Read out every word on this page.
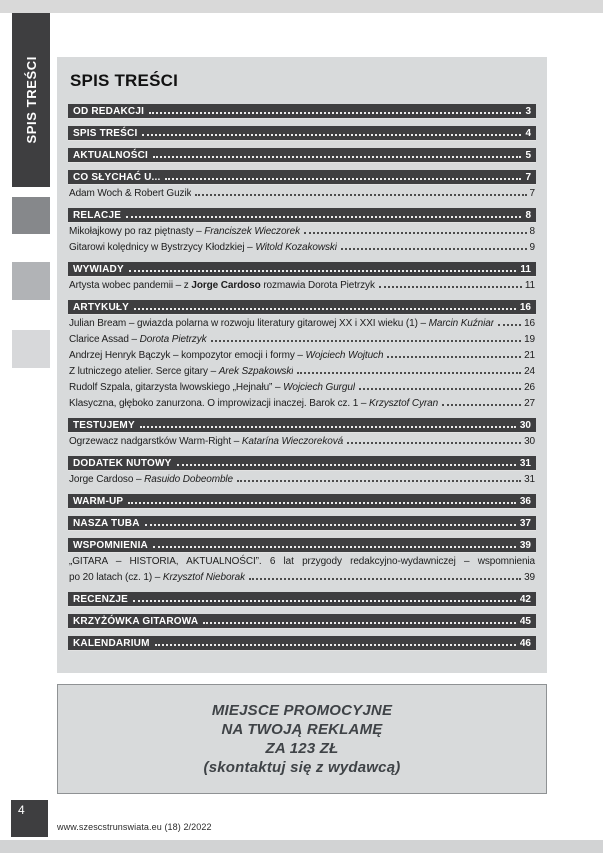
SPIS TREŚCI SPIS TREŚCI
OD REDAKCJI	3
SPIS TREŚCI	4
AKTUALNOŚCI	5
CO SŁYCHAĆ U...	7
Adam Woch & Robert Guzik	7
RELACJE	8
Mikołajkowy po raz piętnasty – Franciszek Wieczorek	8
Gitarowi kolędnicy w Bystrzycy Kłodzkiej – Witold Kozakowski	9
WYWIADY	11
Artysta wobec pandemii – z Jorge Cardoso rozmawia Dorota Pietrzyk	11
ARTYKUŁY	16
Julian Bream – gwiazda polarna w rozwoju literatury gitarowej XX i XXI wieku (1) – Marcin Kuźniar	16
Clarice Assad – Dorota Pietrzyk	19
Andrzej Henryk Bączyk – kompozytor emocji i formy – Wojciech Wojtuch	21
Z lutniczego atelier. Serce gitary – Arek Szpakowski	24
Rudolf Szpala, gitarzysta lwowskiego „Hejnału” – Wojciech Gurgul	26
Klasyczna, głęboko zanurzona. O improwizacji inaczej. Barok cz. 1 – Krzysztof Cyran	27
TESTUJEMY	30
Ogrzewacz nadgarstków Warm-Right – Katarína Wieczoreková	30
DODATEK NUTOWY	31
Jorge Cardoso – Rasuido Dobeomble	31
WARM-UP	36
NASZA TUBA	37
WSPOMNIENIA	39
„GITARA – HISTORIA, AKTUALNOŚCI”. 6 lat przygody redakcyjno-wydawniczej – wspomnienia
po 20 latach (cz. 1) – Krzysztof Nieborak	39
RECENZJE	42
KRZYŻÓWKA GITAROWA	45
KALENDARIUM	46
MIEJSCE PROMOCYJNE
NA TWOJĄ REKLAMĘ
ZA 123 ZŁ
(skontaktuj się z wydawcą)
4
www.szescstrunswiata.eu (18) 2/2022
